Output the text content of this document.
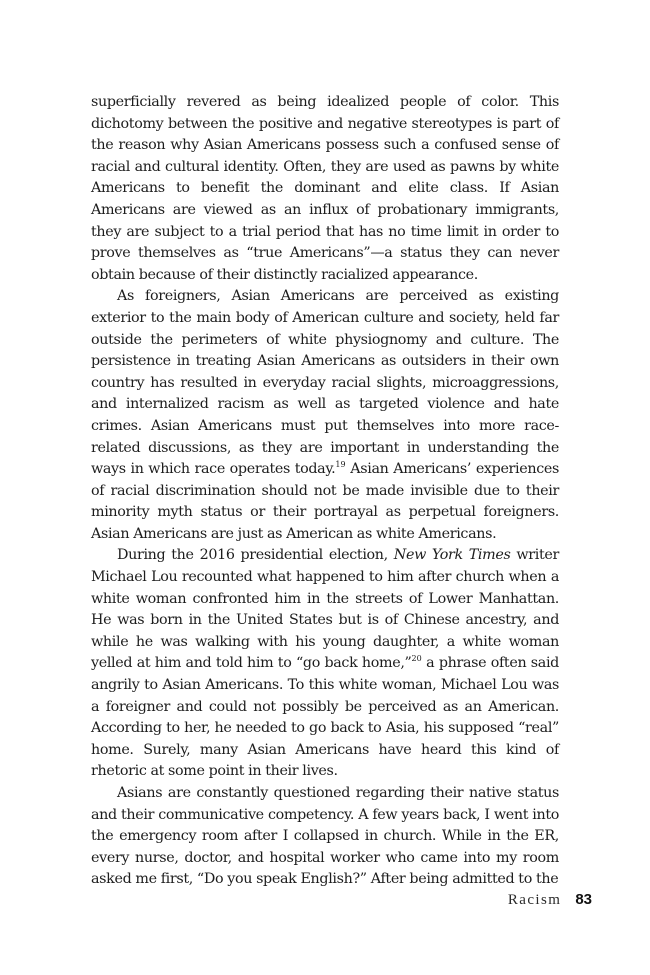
superficially revered as being idealized people of color. This dichotomy between the positive and negative stereotypes is part of the reason why Asian Americans possess such a confused sense of racial and cultural identity. Often, they are used as pawns by white Americans to benefit the dominant and elite class. If Asian Americans are viewed as an influx of probationary immigrants, they are subject to a trial period that has no time limit in order to prove themselves as “true Americans”—a status they can never obtain because of their distinctly racialized appearance.

As foreigners, Asian Americans are perceived as existing exterior to the main body of American culture and society, held far outside the perimeters of white physiognomy and culture. The persistence in treating Asian Americans as outsiders in their own country has resulted in everyday racial slights, microaggressions, and internalized racism as well as targeted violence and hate crimes. Asian Americans must put themselves into more race-related discussions, as they are important in understanding the ways in which race operates today.$^{19}$ Asian Americans’ experiences of racial discrimination should not be made invisible due to their minority myth status or their portrayal as perpetual foreigners. Asian Americans are just as American as white Americans.

During the 2016 presidential election, New York Times writer Michael Lou recounted what happened to him after church when a white woman confronted him in the streets of Lower Manhattan. He was born in the United States but is of Chinese ancestry, and while he was walking with his young daughter, a white woman yelled at him and told him to “go back home,”$^{20}$ a phrase often said angrily to Asian Americans. To this white woman, Michael Lou was a foreigner and could not possibly be perceived as an American. According to her, he needed to go back to Asia, his supposed “real” home. Surely, many Asian Americans have heard this kind of rhetoric at some point in their lives.

Asians are constantly questioned regarding their native status and their communicative competency. A few years back, I went into the emergency room after I collapsed in church. While in the ER, every nurse, doctor, and hospital worker who came into my room asked me first, “Do you speak English?” After being admitted to the

Racism 83
